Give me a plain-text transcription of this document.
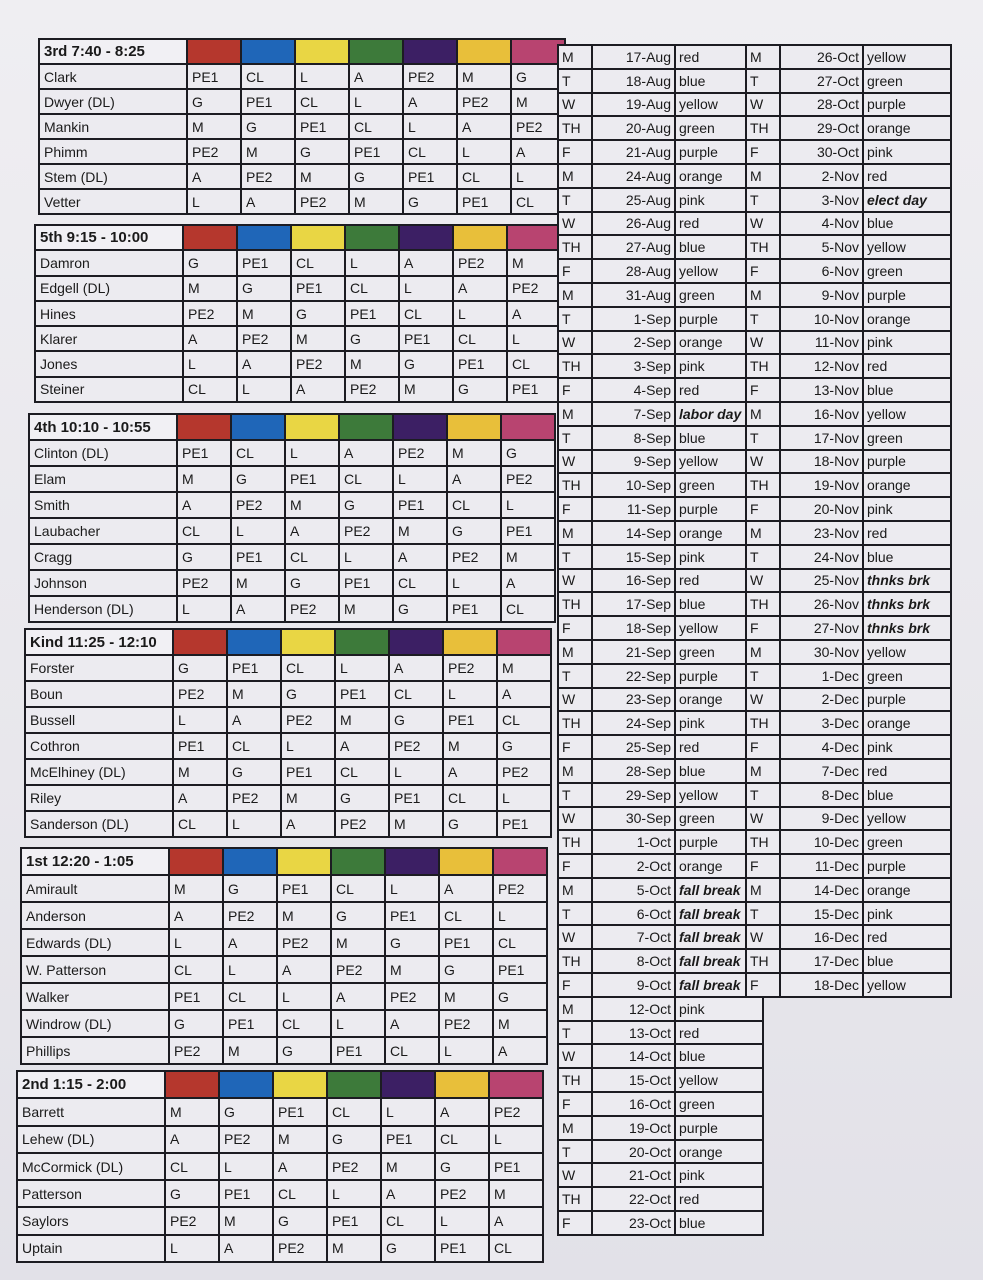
3rd 7:40 - 8:25							
Clark	PE1	CL	L	A	PE2	M	G
Dwyer (DL)	G	PE1	CL	L	A	PE2	M
Mankin	M	G	PE1	CL	L	A	PE2
Phimm	PE2	M	G	PE1	CL	L	A
Stem (DL)	A	PE2	M	G	PE1	CL	L
Vetter	L	A	PE2	M	G	PE1	CL
5th 9:15 - 10:00							
Damron	G	PE1	CL	L	A	PE2	M
Edgell (DL)	M	G	PE1	CL	L	A	PE2
Hines	PE2	M	G	PE1	CL	L	A
Klarer	A	PE2	M	G	PE1	CL	L
Jones	L	A	PE2	M	G	PE1	CL
Steiner	CL	L	A	PE2	M	G	PE1
4th 10:10 - 10:55							
Clinton (DL)	PE1	CL	L	A	PE2	M	G
Elam	M	G	PE1	CL	L	A	PE2
Smith	A	PE2	M	G	PE1	CL	L
Laubacher	CL	L	A	PE2	M	G	PE1
Cragg	G	PE1	CL	L	A	PE2	M
Johnson	PE2	M	G	PE1	CL	L	A
Henderson (DL)	L	A	PE2	M	G	PE1	CL
Kind 11:25 - 12:10							
Forster	G	PE1	CL	L	A	PE2	M
Boun	PE2	M	G	PE1	CL	L	A
Bussell	L	A	PE2	M	G	PE1	CL
Cothron	PE1	CL	L	A	PE2	M	G
McElhiney (DL)	M	G	PE1	CL	L	A	PE2
Riley	A	PE2	M	G	PE1	CL	L
Sanderson (DL)	CL	L	A	PE2	M	G	PE1
1st 12:20 - 1:05							
Amirault	M	G	PE1	CL	L	A	PE2
Anderson	A	PE2	M	G	PE1	CL	L
Edwards (DL)	L	A	PE2	M	G	PE1	CL
W. Patterson	CL	L	A	PE2	M	G	PE1
Walker	PE1	CL	L	A	PE2	M	G
Windrow (DL)	G	PE1	CL	L	A	PE2	M
Phillips	PE2	M	G	PE1	CL	L	A
2nd 1:15 - 2:00							
Barrett	M	G	PE1	CL	L	A	PE2
Lehew (DL)	A	PE2	M	G	PE1	CL	L
McCormick (DL)	CL	L	A	PE2	M	G	PE1
Patterson	G	PE1	CL	L	A	PE2	M
Saylors	PE2	M	G	PE1	CL	L	A
Uptain	L	A	PE2	M	G	PE1	CL
M	17-Aug	red
T	18-Aug	blue
W	19-Aug	yellow
TH	20-Aug	green
F	21-Aug	purple
M	24-Aug	orange
T	25-Aug	pink
W	26-Aug	red
TH	27-Aug	blue
F	28-Aug	yellow
M	31-Aug	green
T	1-Sep	purple
W	2-Sep	orange
TH	3-Sep	pink
F	4-Sep	red
M	7-Sep	labor day
T	8-Sep	blue
W	9-Sep	yellow
TH	10-Sep	green
F	11-Sep	purple
M	14-Sep	orange
T	15-Sep	pink
W	16-Sep	red
TH	17-Sep	blue
F	18-Sep	yellow
M	21-Sep	green
T	22-Sep	purple
W	23-Sep	orange
TH	24-Sep	pink
F	25-Sep	red
M	28-Sep	blue
T	29-Sep	yellow
W	30-Sep	green
TH	1-Oct	purple
F	2-Oct	orange
M	5-Oct	fall break
T	6-Oct	fall break
W	7-Oct	fall break
TH	8-Oct	fall break
F	9-Oct	fall break
M	12-Oct	pink
T	13-Oct	red
W	14-Oct	blue
TH	15-Oct	yellow
F	16-Oct	green
M	19-Oct	purple
T	20-Oct	orange
W	21-Oct	pink
TH	22-Oct	red
F	23-Oct	blue
M	26-Oct	yellow
T	27-Oct	green
W	28-Oct	purple
TH	29-Oct	orange
F	30-Oct	pink
M	2-Nov	red
T	3-Nov	elect day
W	4-Nov	blue
TH	5-Nov	yellow
F	6-Nov	green
M	9-Nov	purple
T	10-Nov	orange
W	11-Nov	pink
TH	12-Nov	red
F	13-Nov	blue
M	16-Nov	yellow
T	17-Nov	green
W	18-Nov	purple
TH	19-Nov	orange
F	20-Nov	pink
M	23-Nov	red
T	24-Nov	blue
W	25-Nov	thnks brk
TH	26-Nov	thnks brk
F	27-Nov	thnks brk
M	30-Nov	yellow
T	1-Dec	green
W	2-Dec	purple
TH	3-Dec	orange
F	4-Dec	pink
M	7-Dec	red
T	8-Dec	blue
W	9-Dec	yellow
TH	10-Dec	green
F	11-Dec	purple
M	14-Dec	orange
T	15-Dec	pink
W	16-Dec	red
TH	17-Dec	blue
F	18-Dec	yellow
